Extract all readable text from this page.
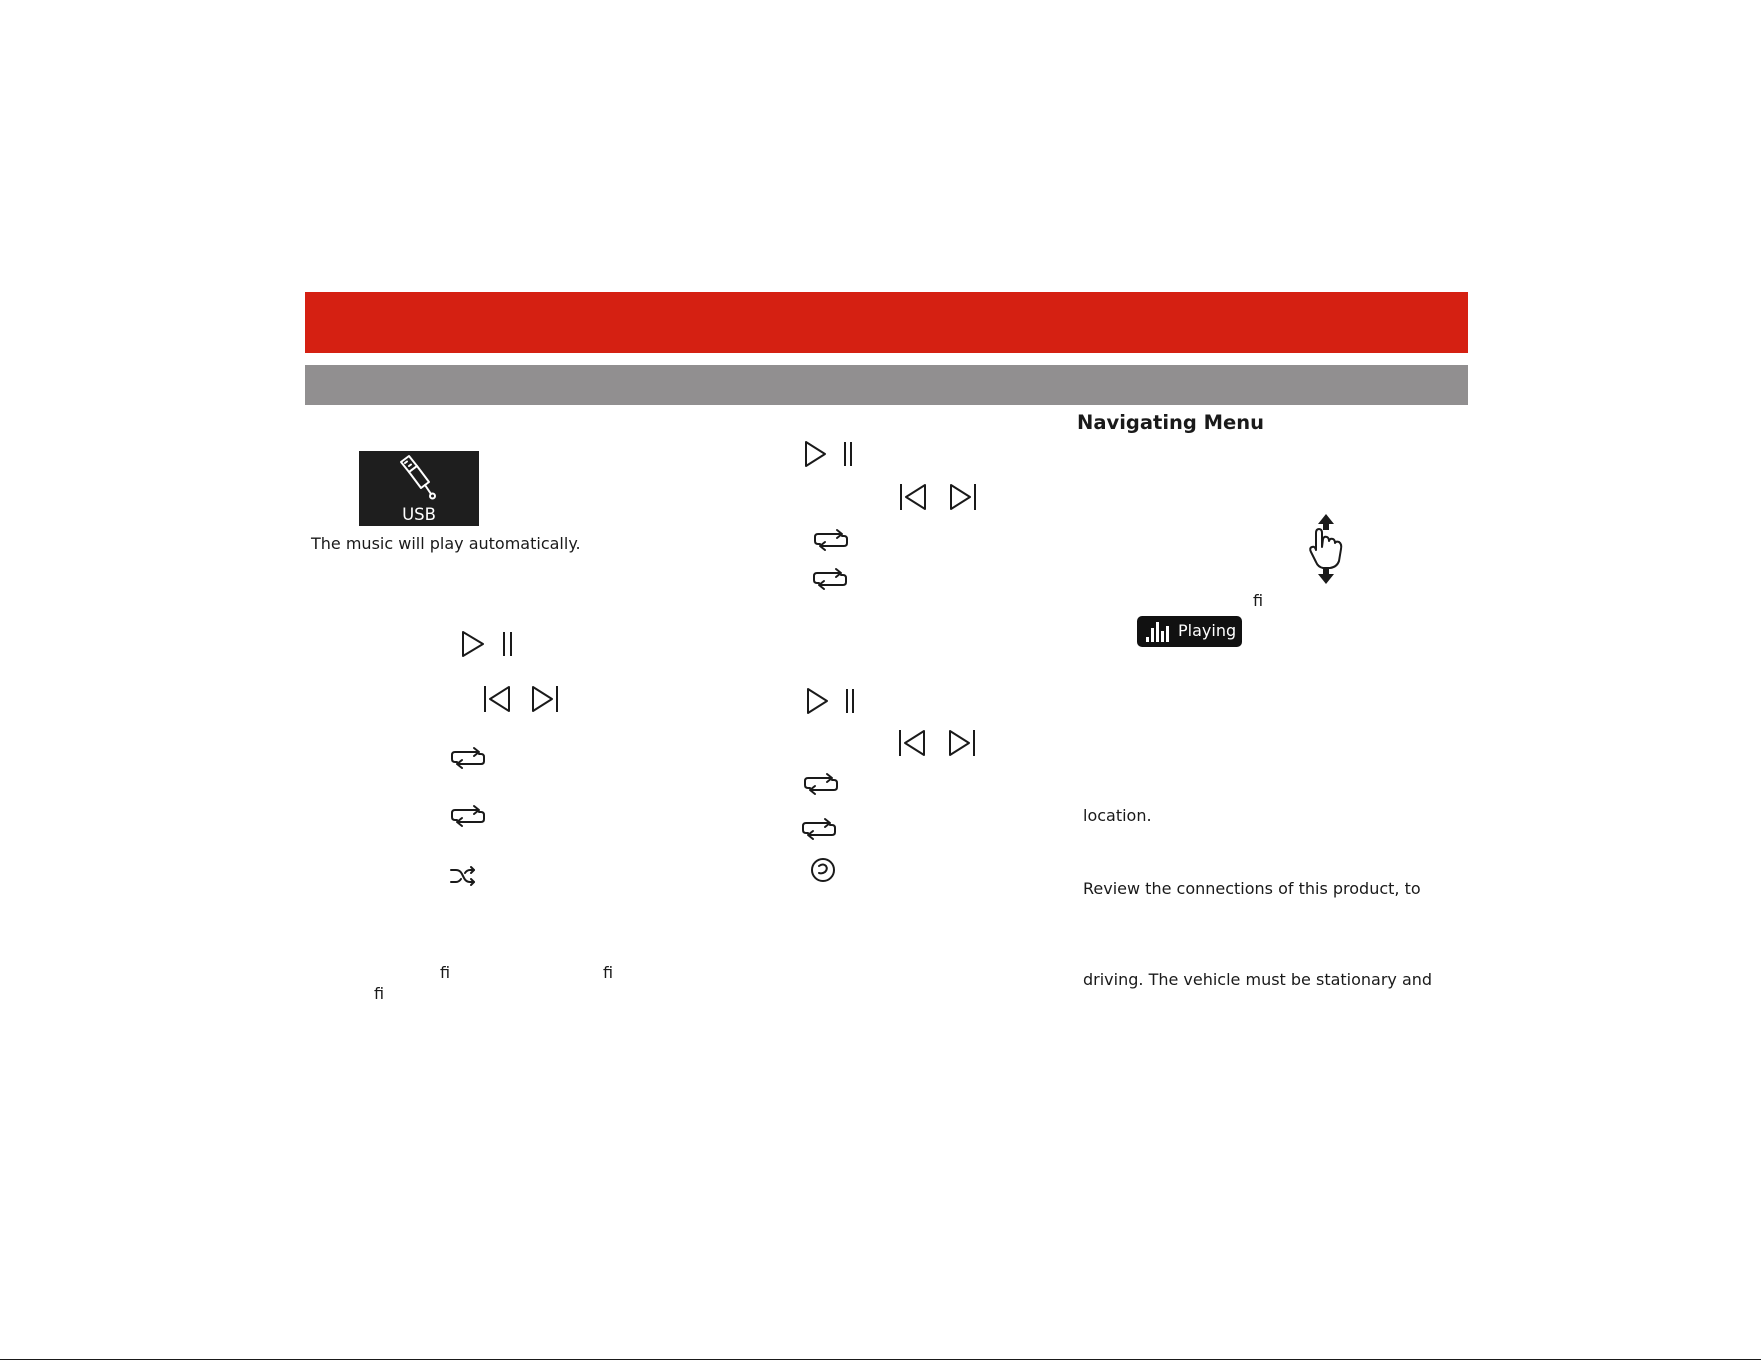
USB
The music will play automatically.
ﬁ	ﬁ
ﬁ
Navigating Menu
ﬁ
Playing
location.
Review the connections of this product, to
driving. The vehicle must be stationary and
